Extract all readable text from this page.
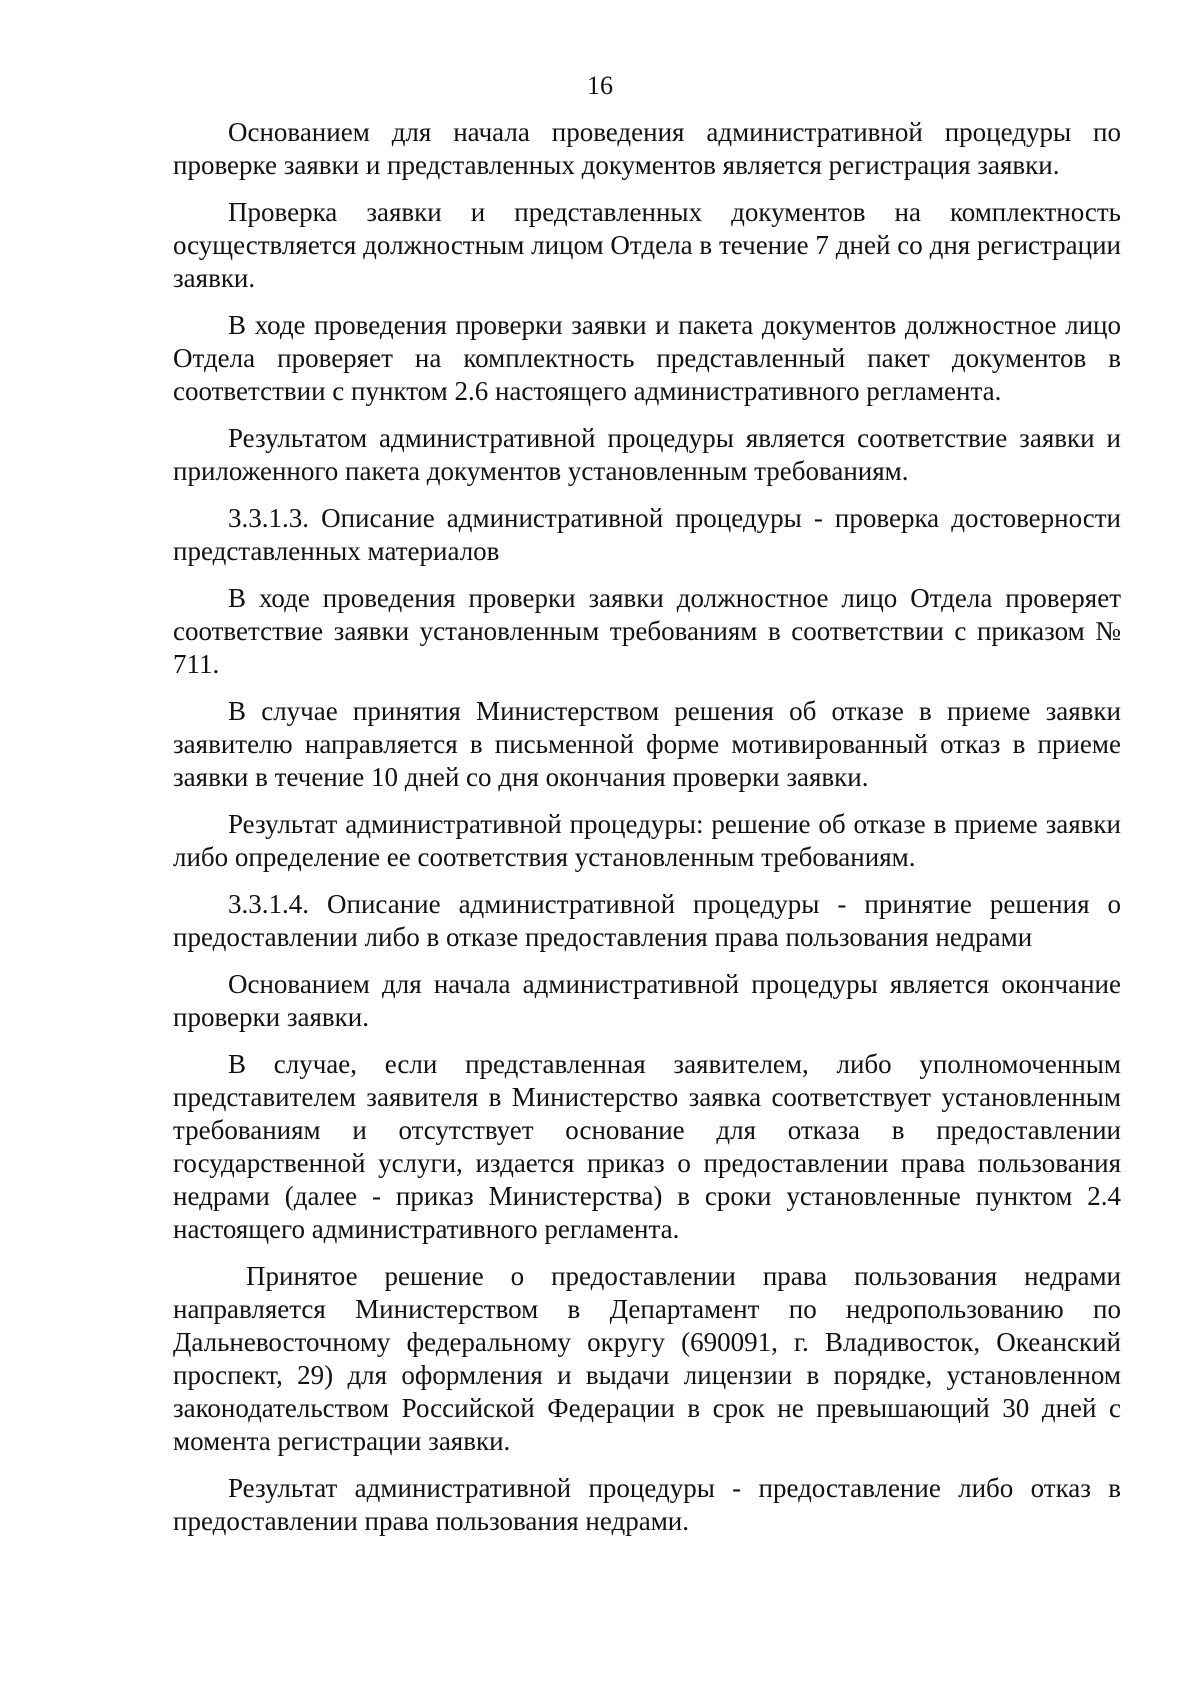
16

Основанием для начала проведения административной процедуры по проверке заявки и представленных документов является регистрация заявки.

Проверка заявки и представленных документов на комплектность осуществляется должностным лицом Отдела в течение 7 дней со дня регистрации заявки.

В ходе проведения проверки заявки и пакета документов должностное лицо Отдела проверяет на комплектность представленный пакет документов в соответствии с пунктом 2.6 настоящего административного регламента.

Результатом административной процедуры является соответствие заявки и приложенного пакета документов установленным требованиям.

3.3.1.3. Описание административной процедуры - проверка достоверности представленных материалов

В ходе проведения проверки заявки должностное лицо Отдела проверяет соответствие заявки установленным требованиям в соответствии с приказом № 711.

В случае принятия Министерством решения об отказе в приеме заявки заявителю направляется в письменной форме мотивированный отказ в приеме заявки в течение 10 дней со дня окончания проверки заявки.

Результат административной процедуры: решение об отказе в приеме заявки либо определение ее соответствия установленным требованиям.

3.3.1.4. Описание административной процедуры - принятие решения о предоставлении либо в отказе предоставления права пользования недрами

Основанием для начала административной процедуры является окончание проверки заявки.

В случае, если представленная заявителем, либо уполномоченным представителем заявителя в Министерство заявка соответствует установленным требованиям и отсутствует основание для отказа в предоставлении государственной услуги, издается приказ о предоставлении права пользования недрами (далее - приказ Министерства) в сроки установленные пунктом 2.4 настоящего административного регламента.

Принятое решение о предоставлении права пользования недрами направляется Министерством в Департамент по недропользованию по Дальневосточному федеральному округу (690091, г. Владивосток, Океанский проспект, 29) для оформления и выдачи лицензии в порядке, установленном законодательством Российской Федерации в срок не превышающий 30 дней с момента регистрации заявки.

Результат административной процедуры - предоставление либо отказ в предоставлении права пользования недрами.
